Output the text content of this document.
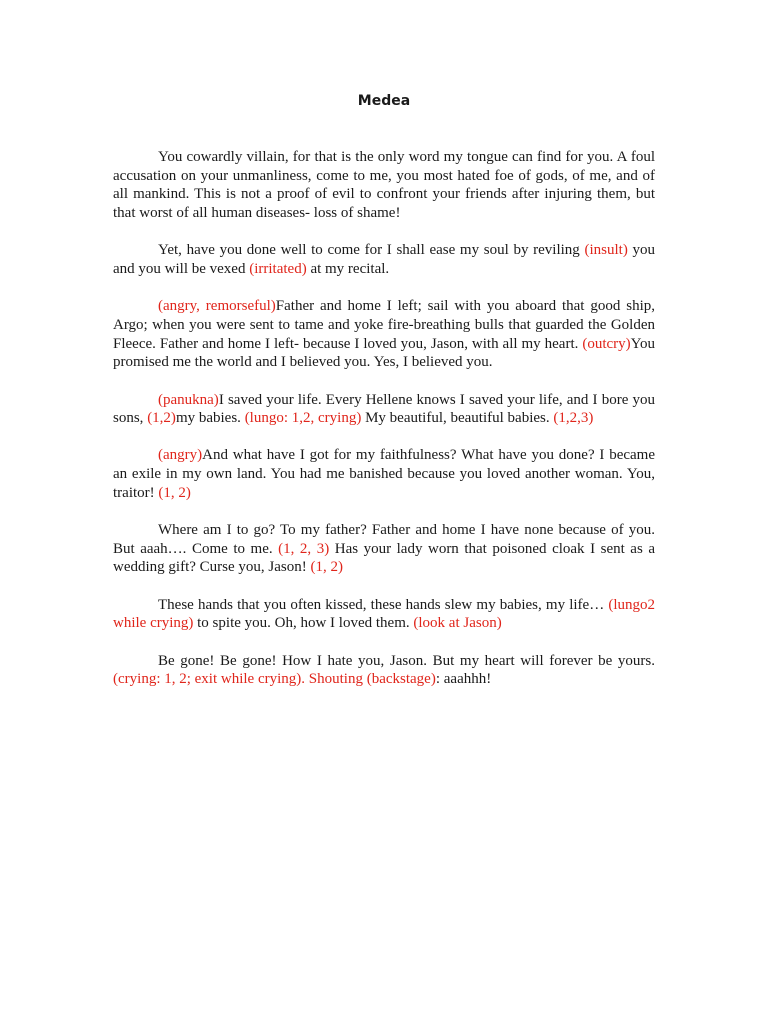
Medea

You cowardly villain, for that is the only word my tongue can find for you. A foul accusation on your unmanliness, come to me, you most hated foe of gods, of me, and of all mankind. This is not a proof of evil to confront your friends after injuring them, but that worst of all human diseases- loss of shame!

Yet, have you done well to come for I shall ease my soul by reviling (insult) you and you will be vexed (irritated) at my recital.

(angry, remorseful)Father and home I left; sail with you aboard that good ship, Argo; when you were sent to tame and yoke fire-breathing bulls that guarded the Golden Fleece. Father and home I left- because I loved you, Jason, with all my heart. (outcry)You promised me the world and I believed you. Yes, I believed you.

(panukna)I saved your life. Every Hellene knows I saved your life, and I bore you sons, (1,2)my babies. (lungo: 1,2, crying) My beautiful, beautiful babies. (1,2,3)

(angry)And what have I got for my faithfulness? What have you done? I became an exile in my own land. You had me banished because you loved another woman. You, traitor! (1, 2)

Where am I to go? To my father? Father and home I have none because of you. But aaah…. Come to me. (1, 2, 3) Has your lady worn that poisoned cloak I sent as a wedding gift? Curse you, Jason! (1, 2)

These hands that you often kissed, these hands slew my babies, my life… (lungo2 while crying) to spite you. Oh, how I loved them. (look at Jason)

Be gone! Be gone! How I hate you, Jason. But my heart will forever be yours. (crying: 1, 2; exit while crying). Shouting (backstage): aaahhh!
